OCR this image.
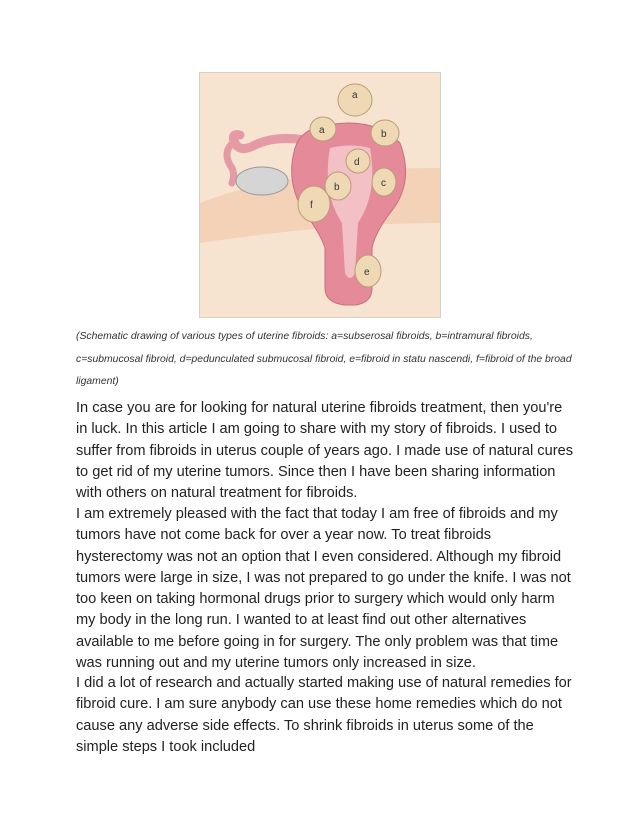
a
a	b
d
b	c
f
e

(Schematic drawing of various types of uterine fibroids: a=subserosal fibroids, b=intramural fibroids, c=submucosal fibroid, d=pedunculated submucosal fibroid, e=fibroid in statu nascendi, f=fibroid of the broad ligament)

In case you are for looking for natural uterine fibroids treatment, then you're in luck. In this article I am going to share with my story of fibroids. I used to suffer from fibroids in uterus couple of years ago. I made use of natural cures to get rid of my uterine tumors. Since then I have been sharing information with others on natural treatment for fibroids.

I am extremely pleased with the fact that today I am free of fibroids and my tumors have not come back for over a year now. To treat fibroids hysterectomy was not an option that I even considered. Although my fibroid tumors were large in size, I was not prepared to go under the knife. I was not too keen on taking hormonal drugs prior to surgery which would only harm my body in the long run. I wanted to at least find out other alternatives available to me before going in for surgery. The only problem was that time was running out and my uterine tumors only increased in size.

I did a lot of research and actually started making use of natural remedies for fibroid cure. I am sure anybody can use these home remedies which do not cause any adverse side effects. To shrink fibroids in uterus some of the simple steps I took included
